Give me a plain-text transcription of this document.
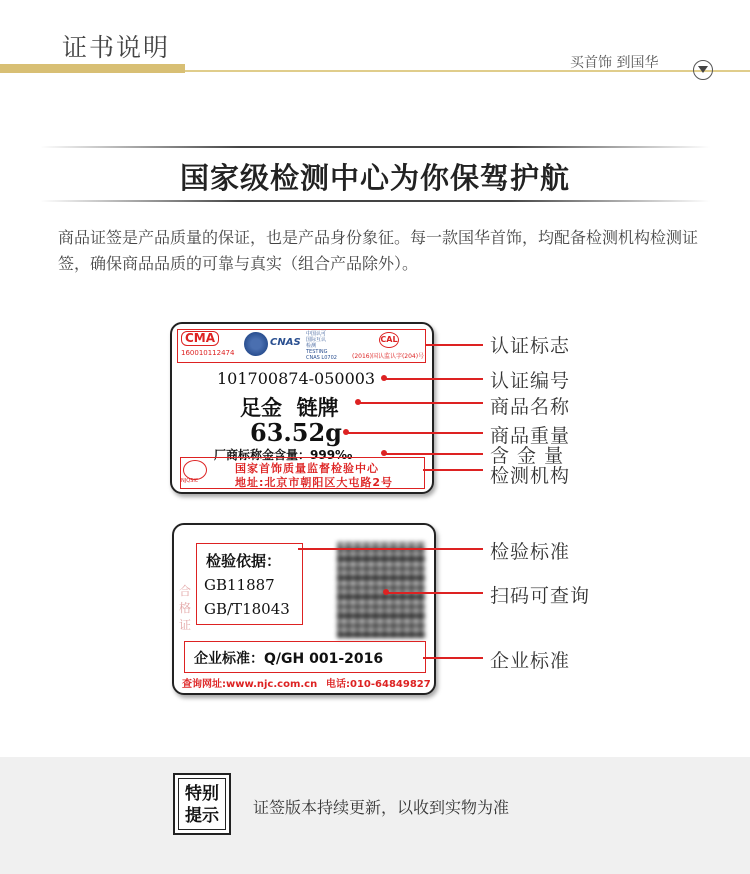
证书说明
买首饰 到国华
国家级检测中心为你保驾护航
商品证签是产品质量的保证，也是产品身份象征。每一款国华首饰，均配备检测机构检测证签，确保商品品质的可靠与真实（组合产品除外）。
CMA
160010112474
CNAS
中国认可
国际互认
检测
TESTING
CNAS L0702
CAL
(2016)国认监认字(204)号
101700874-050003
足金  链牌
63.52g
厂商标称金含量：999‰
NJQSIC
国家首饰质量监督检验中心
地址:北京市朝阳区大屯路2号
合格证
检验依据：
GB11887
GB/T18043
企业标准：Q/GH 001-2016
查询网址:www.njc.com.cn 电话:010-64849827
认证标志
认证编号
商品名称
商品重量
含 金 量
检测机构
检验标准
扫码可查询
企业标准
特别提示	证签版本持续更新，以收到实物为准
